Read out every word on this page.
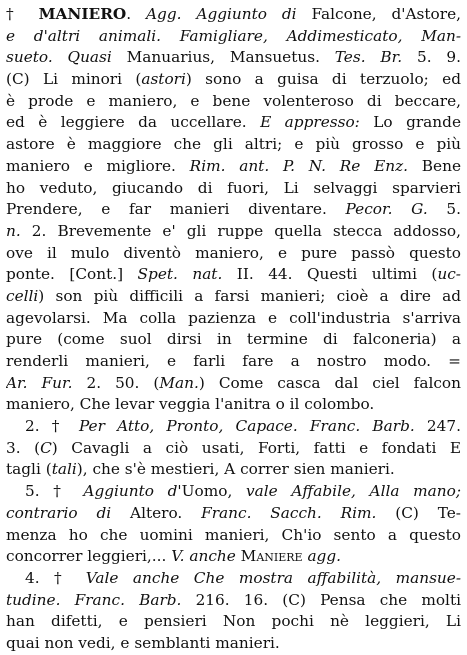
† MANIERO. Agg. Aggiunto di Falcone, d'Astore,
e d'altri animali. Famigliare, Addimesticato, Man-
sueto. Quasi Manuarius, Mansuetus. Tes. Br. 5. 9.
(C) Li minori (astori) sono a guisa di terzuolo; ed
è prode e maniero, e bene volenteroso di beccare,
ed è leggiere da uccellare. E appresso: Lo grande
astore è maggiore che gli altri; e più grosso e più
maniero e migliore. Rim. ant. P. N. Re Enz. Bene
ho veduto, giucando di fuori, Li selvaggi sparvieri
Prendere, e far manieri diventare. Pecor. G. 5.
n. 2. Brevemente e' gli ruppe quella stecca addosso,
ove il mulo diventò maniero, e pure passò questo
ponte. [Cont.] Spet. nat. II. 44. Questi ultimi (uc-
celli) son più difficili a farsi manieri; cioè a dire ad
agevolarsi. Ma colla pazienza e coll'industria s'arriva
pure (come suol dirsi in termine di falconeria) a
renderli manieri, e farli fare a nostro modo. =
Ar. Fur. 2. 50. (Man.) Come casca dal ciel falcon
maniero, Che levar veggia l'anitra o il colombo.
2. † Per Atto, Pronto, Capace. Franc. Barb. 247.
3. (C) Cavagli a ciò usati, Forti, fatti e fondati E
tagli (tali), che s'è mestieri, A correr sien manieri.
5. † Aggiunto d'Uomo, vale Affabile, Alla mano;
contrario di Altero. Franc. Sacch. Rim. (C) Te-
menza ho che uomini manieri, Ch'io sento a questo
concorrer leggieri,... V. anche Maniere agg.
4. † Vale anche Che mostra affabilità, mansue-
tudine. Franc. Barb. 216. 16. (C) Pensa che molti
han difetti, e pensieri Non pochi nè leggieri, Li
quai non vedi, e semblanti manieri.
